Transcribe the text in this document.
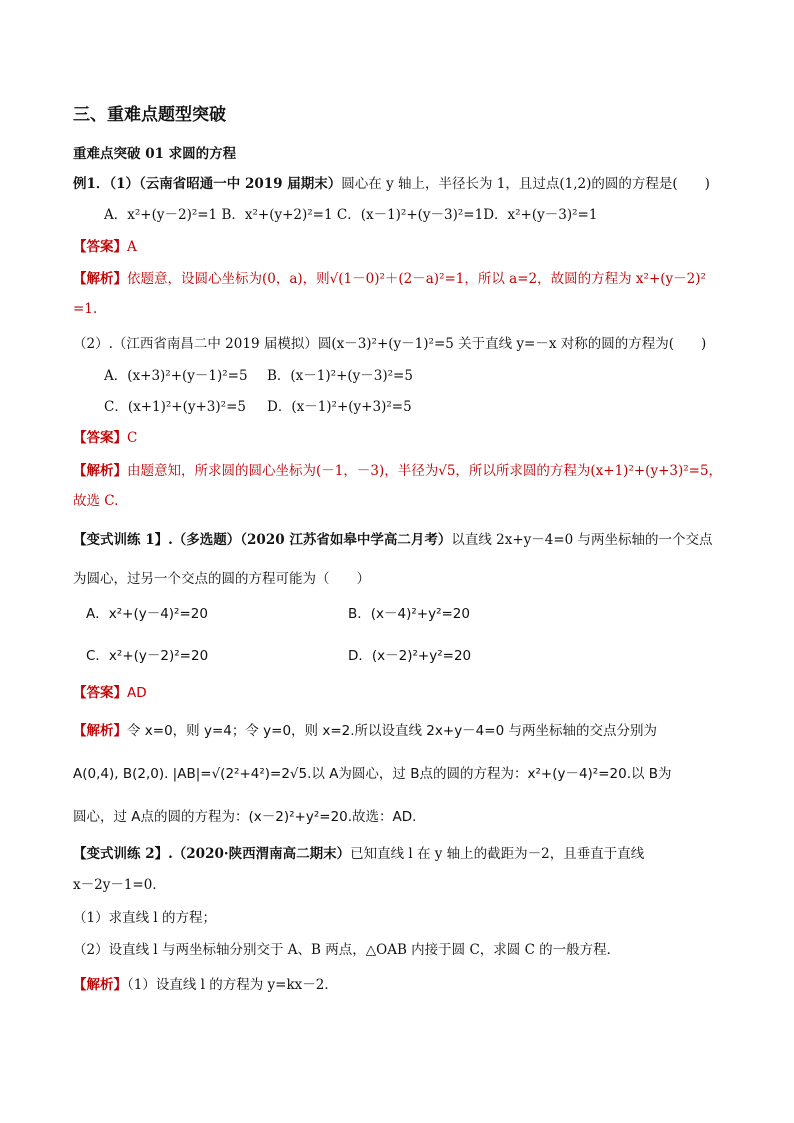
三、重难点题型突破
重难点突破 01 求圆的方程
例1．（1）（云南省昭通一中 2019 届期末）圆心在 y 轴上，半径长为 1，且过点(1,2)的圆的方程是(　　)
A．x²+(y－2)²=1 B．x²+(y+2)²=1 C．(x－1)²+(y－3)²=1D．x²+(y－3)²=1
【答案】A
【解析】依题意，设圆心坐标为(0，a)，则√(1－0)²＋(2－a)²=1，所以 a=2，故圆的方程为 x²+(y－2)²
=1.
（2）.（江西省南昌二中 2019 届模拟）圆(x－3)²+(y－1)²=5 关于直线 y=－x 对称的圆的方程为(　　)
A．(x+3)²+(y－1)²=5 B．(x－1)²+(y－3)²=5
C．(x+1)²+(y+3)²=5 D．(x－1)²+(y+3)²=5
【答案】C
【解析】由题意知，所求圆的圆心坐标为(－1，－3)，半径为√5，所以所求圆的方程为(x+1)²+(y+3)²=5，
故选 C.
【变式训练 1】.（多选题）（2020 江苏省如皋中学高二月考）以直线 2x+y－4=0 与两坐标轴的一个交点
为圆心，过另一个交点的圆的方程可能为（　　）
A．x²+(y－4)²=20	B．(x－4)²+y²=20
C．x²+(y－2)²=20	D．(x－2)²+y²=20
【答案】AD
【解析】令 x=0，则 y=4；令 y=0，则 x=2.所以设直线 2x+y－4=0 与两坐标轴的交点分别为
A(0,4), B(2,0). |AB|=√(2²+4²)=2√5.以 A为圆心，过 B点的圆的方程为：x²+(y－4)²=20.以 B为
圆心，过 A点的圆的方程为：(x－2)²+y²=20.故选：AD.
【变式训练 2】.（2020·陕西渭南高二期末）已知直线 l 在 y 轴上的截距为－2，且垂直于直线
x－2y－1=0．
（1）求直线 l 的方程；
（2）设直线 l 与两坐标轴分别交于 A、B 两点，△OAB 内接于圆 C，求圆 C 的一般方程．
【解析】（1）设直线 l 的方程为 y=kx－2．
